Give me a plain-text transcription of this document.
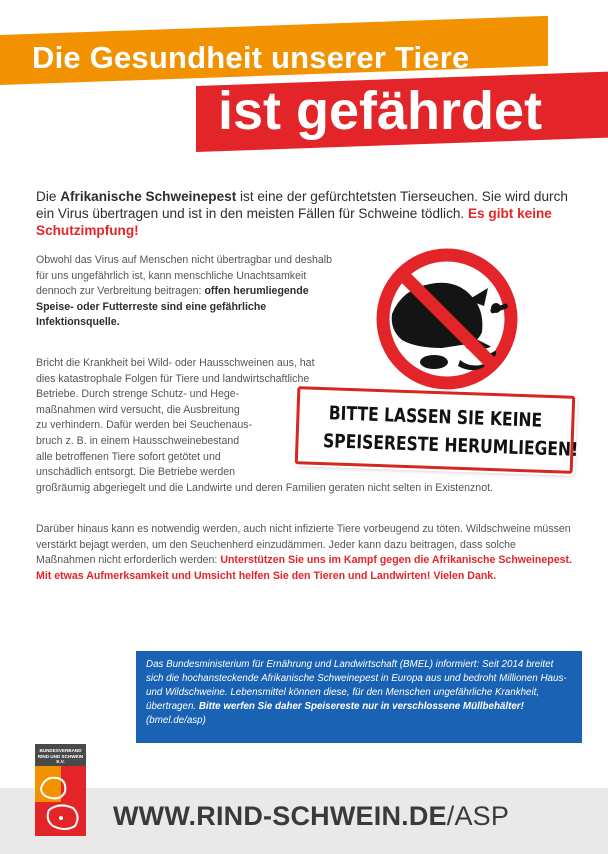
Die Gesundheit unserer Tiere
ist gefährdet
Die Afrikanische Schweinepest ist eine der gefürchtetsten Tierseuchen. Sie wird durch ein Virus übertragen und ist in den meisten Fällen für Schweine tödlich. Es gibt keine Schutzimpfung!
Obwohl das Virus auf Menschen nicht übertragbar und deshalb für uns ungefährlich ist, kann menschliche Unachtsamkeit dennoch zur Verbreitung beitragen: offen herumliegende Speise- oder Futterreste sind eine gefährliche Infektionsquelle.
BITTE LASSEN SIE KEINE
SPEISERESTE HERUMLIEGEN!
Bricht die Krankheit bei Wild- oder Hausschweinen aus, hat
dies katastrophale Folgen für Tiere und landwirtschaftliche
Betriebe. Durch strenge Schutz- und Hege-
maßnahmen wird versucht, die Ausbreitung
zu verhindern. Dafür werden bei Seuchenaus-
bruch z. B. in einem Hausschweinebestand
alle betroffenen Tiere sofort getötet und
unschädlich entsorgt. Die Betriebe werden
großräumig abgeriegelt und die Landwirte und deren Familien geraten nicht selten in Existenznot.
Darüber hinaus kann es notwendig werden, auch nicht infizierte Tiere vorbeugend zu töten. Wildschweine müssen verstärkt bejagt werden, um den Seuchenherd einzudämmen. Jeder kann dazu beitragen, dass solche Maßnahmen nicht erforderlich werden: Unterstützen Sie uns im Kampf gegen die Afrikanische Schweinepest. Mit etwas Aufmerksamkeit und Umsicht helfen Sie den Tieren und Landwirten! Vielen Dank.
Das Bundesministerium für Ernährung und Landwirtschaft (BMEL) informiert: Seit 2014 breitet sich die hochansteckende Afrikanische Schweinepest in Europa aus und bedroht Millionen Haus- und Wildschweine. Lebensmittel können diese, für den Menschen ungefährliche Krankheit, übertragen. Bitte werfen Sie daher Speisereste nur in verschlossene Müllbehälter! (bmel.de/asp)
BUNDESVERBAND
RIND UND SCHWEIN E.V.
WWW.RIND-SCHWEIN.DE/ASP
